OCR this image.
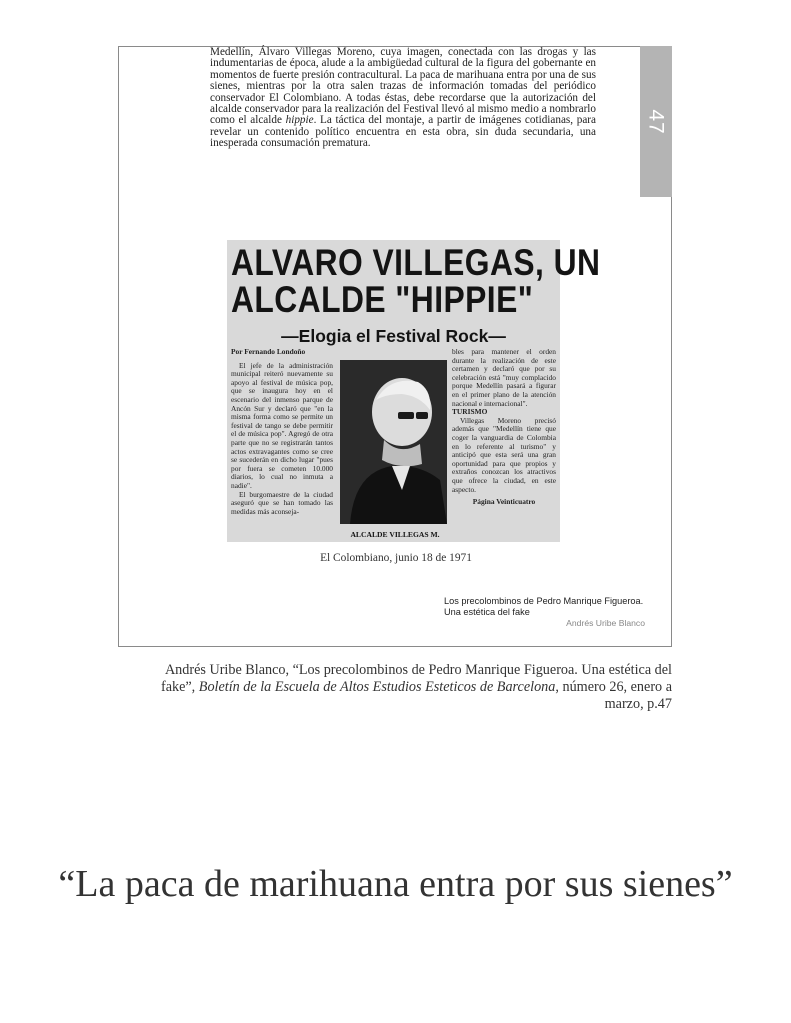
47

Medellín, Álvaro Villegas Moreno, cuya imagen, conectada con las drogas y las indumentarias de época, alude a la ambigüedad cultural de la figura del gobernante en momentos de fuerte presión contracultural. La paca de marihuana entra por una de sus sienes, mientras por la otra salen trazas de información tomadas del periódico conservador El Colombiano. A todas éstas, debe recordarse que la autorización del alcalde conservador para la realización del Festival llevó al mismo medio a nombrarlo como el alcalde hippie. La táctica del montaje, a partir de imágenes cotidianas, para revelar un contenido político encuentra en esta obra, sin duda secundaria, una inesperada consumación prematura.

ALVARO VILLEGAS, UN
ALCALDE "HIPPIE"
—Elogia el Festival Rock—

Por Fernando Londoño

El jefe de la administración municipal reiteró nuevamente su apoyo al festival de música pop, que se inaugura hoy en el escenario del inmenso parque de Ancón Sur y declaró que "en la misma forma como se permite un festival de tango se debe permitir el de música pop". Agregó de otra parte que no se registrarán tantos actos extravagantes como se cree se sucederán en dicho lugar "pues por fuera se cometen 10.000 diarios, lo cual no inmuta a nadie".

El burgomaestre de la ciudad aseguró que se han tomado las medidas más aconseja-

ALCALDE VILLEGAS M.

bles para mantener el orden durante la realización de este certamen y declaró que por su celebración está "muy complacido porque Medellín pasará a figurar en el primer plano de la atención nacional e internacional".

TURISMO

Villegas Moreno precisó además que "Medellín tiene que coger la vanguardia de Colombia en lo referente al turismo" y anticipó que esta será una gran oportunidad para que propios y extraños conozcan los atractivos que ofrece la ciudad, en este aspecto.

Página Veinticuatro

El Colombiano, junio 18 de 1971
Los precolombinos de Pedro Manrique Figueroa. Una estética del fake
Andrés Uribe Blanco
Andrés Uribe Blanco, “Los precolombinos de Pedro Manrique Figueroa. Una estética del fake”, Boletín de la Escuela de Altos Estudios Esteticos de Barcelona, número 26, enero a marzo, p.47
“La paca de marihuana entra por sus sienes”
